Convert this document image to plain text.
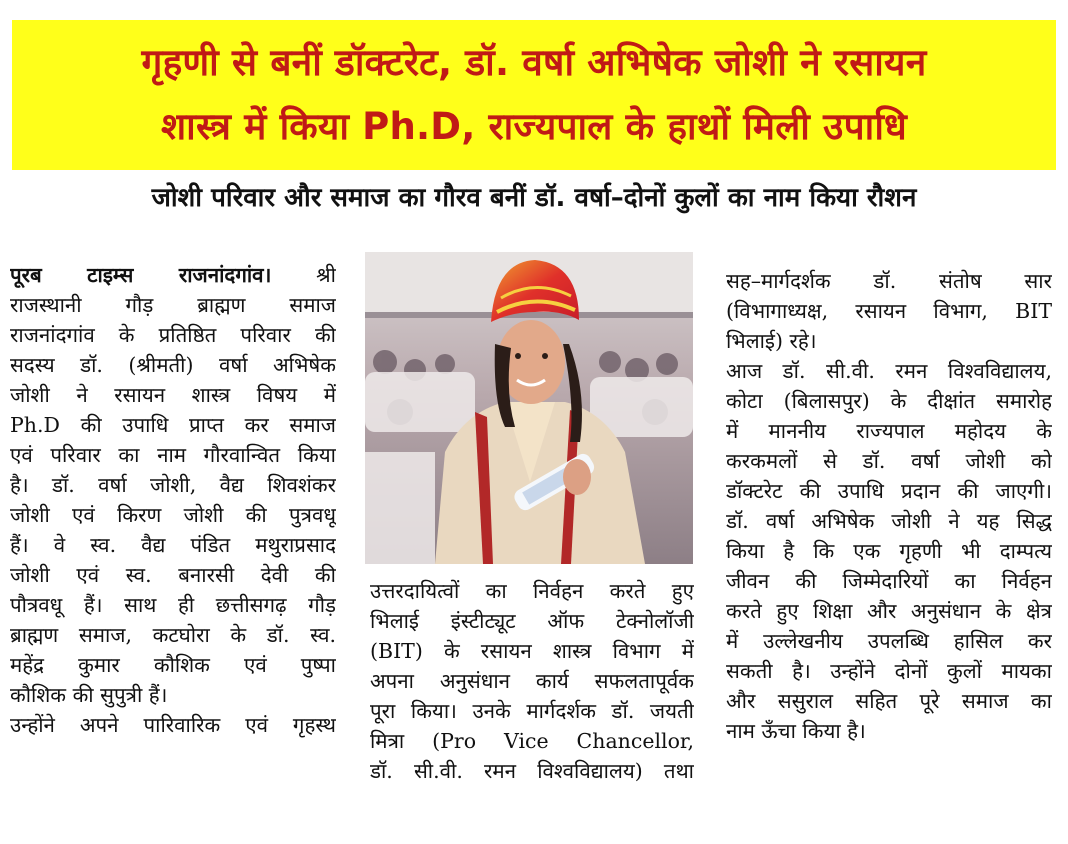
गृहणी से बनीं डॉक्टरेट, डॉ. वर्षा अभिषेक जोशी ने रसायन
शास्त्र में किया Ph.D, राज्यपाल के हाथों मिली उपाधि
जोशी परिवार और समाज का गौरव बनीं डॉ. वर्षा–दोनों कुलों का नाम किया रौशन
पूरब टाइम्स राजनांदगांव। श्री
राजस्थानी गौड़ ब्राह्मण समाज
राजनांदगांव के प्रतिष्ठित परिवार की
सदस्य डॉ. (श्रीमती) वर्षा अभिषेक
जोशी ने रसायन शास्त्र विषय में
Ph.D की उपाधि प्राप्त कर समाज
एवं परिवार का नाम गौरवान्वित किया
है। डॉ. वर्षा जोशी, वैद्य शिवशंकर
जोशी एवं किरण जोशी की पुत्रवधू
हैं। वे स्व. वैद्य पंडित मथुराप्रसाद
जोशी एवं स्व. बनारसी देवी की
पौत्रवधू हैं। साथ ही छत्तीसगढ़ गौड़
ब्राह्मण समाज, कटघोरा के डॉ. स्व.
महेंद्र कुमार कौशिक एवं पुष्पा
कौशिक की सुपुत्री हैं।
उन्होंने अपने पारिवारिक एवं गृहस्थ
उत्तरदायित्वों का निर्वहन करते हुए
भिलाई इंस्टीट्यूट ऑफ टेक्नोलॉजी
(BIT) के रसायन शास्त्र विभाग में
अपना अनुसंधान कार्य सफलतापूर्वक
पूरा किया। उनके मार्गदर्शक डॉ. जयती
मित्रा (Pro Vice Chancellor,
डॉ. सी.वी. रमन विश्वविद्यालय) तथा
सह–मार्गदर्शक डॉ. संतोष सार
(विभागाध्यक्ष, रसायन विभाग, BIT
भिलाई) रहे।
आज डॉ. सी.वी. रमन विश्वविद्यालय,
कोटा (बिलासपुर) के दीक्षांत समारोह
में माननीय राज्यपाल महोदय के
करकमलों से डॉ. वर्षा जोशी को
डॉक्टरेट की उपाधि प्रदान की जाएगी।
डॉ. वर्षा अभिषेक जोशी ने यह सिद्ध
किया है कि एक गृहणी भी दाम्पत्य
जीवन की जिम्मेदारियों का निर्वहन
करते हुए शिक्षा और अनुसंधान के क्षेत्र
में उल्लेखनीय उपलब्धि हासिल कर
सकती है। उन्होंने दोनों कुलों मायका
और ससुराल सहित पूरे समाज का
नाम ऊँचा किया है।
